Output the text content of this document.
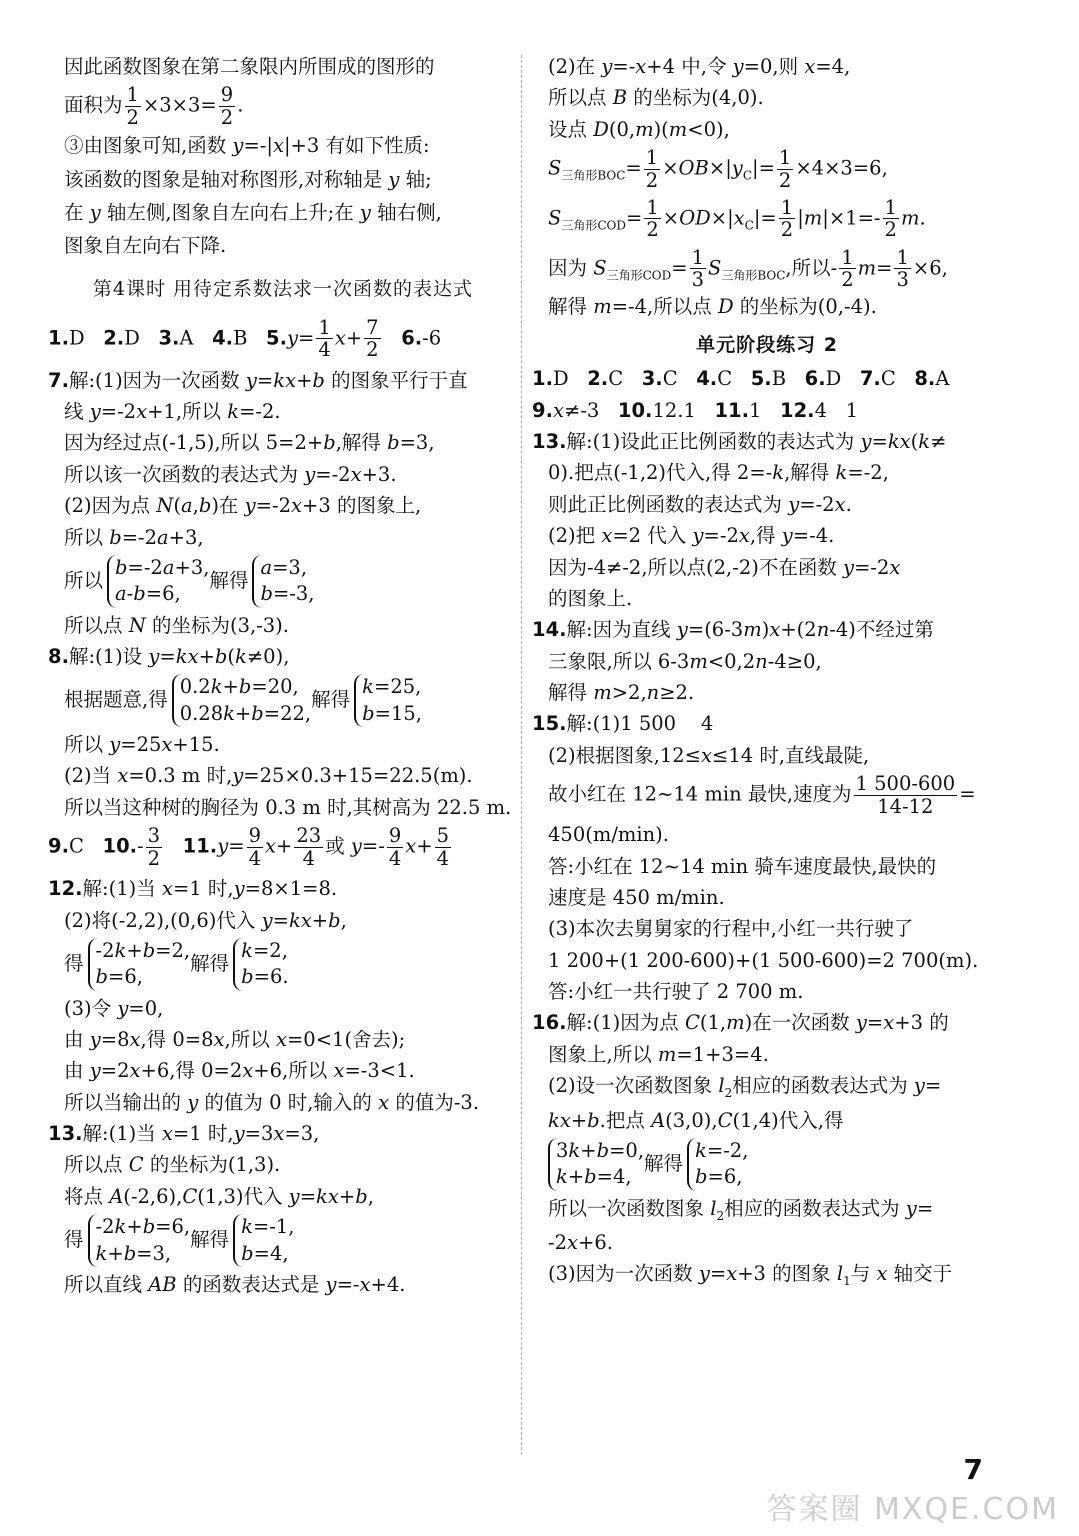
因此函数图象在第二象限内所围成的图形的
面积为 $\frac{1}{2} \times 3\times 3= \frac{9}{2}$ .
③由图象可知,函数 y=-|x|+3 有如下性质:
该函数的图象是轴对称图形,对称轴是 y 轴;
在 y 轴左侧,图象自左向右上升;在 y 轴右侧,
图象自左向右下降.
第4课时 用待定系数法求一次函数的表达式
1.D   2.D   3.A   4.B   $5.y= \frac{1}{4} x+ \frac{7}{2} 6.-6$
7.解:(1)因为一次函数 y=kx+b 的图象平行于直
线 y=-2x+1,所以 k=-2.
因为经过点(-1,5),所以 5=2+b,解得 b=3,
所以该一次函数的表达式为 y=-2x+3.
(2)因为点 N(a,b)在 y=-2x+3 的图象上,
所以 b=-2a+3,
所以
b=-2a+3,
a-b=6,
解得
a=3,
b=-3,
所以点 N 的坐标为(3,-3).
8.解:(1)设 y=kx+b(k≠0),
根据题意,得
0.2k+b=20,
0.28k+b=22,
解得
k=25,
b=15,
所以 y=25x+15.
(2)当 x=0.3 m 时,y=25×0.3+15=22.5(m).
所以当这种树的胸径为 0.3 m 时,其树高为 22.5 m.
9.C   $10.- \frac{3}{2} 11.y= \frac{9}{4} x+ \frac{23}{4}$ 或 $y=- \frac{9}{4} x+ \frac{5}{4}$
12.解:(1)当 x=1 时,y=8×1=8.
(2)将(-2,2),(0,6)代入 y=kx+b,
得
-2k+b=2,
b=6,
解得
k=2,
b=6.
(3)令 y=0,
由 y=8x,得 0=8x,所以 x=0<1(舍去);
由 y=2x+6,得 0=2x+6,所以 x=-3<1.
所以当输出的 y 的值为 0 时,输入的 x 的值为-3.
13.解:(1)当 x=1 时,y=3x=3,
所以点 C 的坐标为(1,3).
将点 A(-2,6),C(1,3)代入 y=kx+b,
得
-2k+b=6,
k+b=3,
解得
k=-1,
b=4,
所以直线 AB 的函数表达式是 y=-x+4.
(2)在 y=-x+4 中,令 y=0,则 x=4,
所以点 B 的坐标为(4,0).
设点 D(0,m)(m<0),
$S_{三角形BOC}= \frac{1}{2} \times OB\times|y_C|= \frac{1}{2} \times 4\times 3=6$,
$S_{三角形COD}= \frac{1}{2} \times OD\times|x_C|= \frac{1}{2} |m|\times 1=- \frac{1}{2} m$.
因为 $S_{三角形COD}= \frac{1}{3} S_{三角形BOC}$,所以- $\frac{1}{2} m= \frac{1}{3} \times 6$,
解得 m=-4,所以点 D 的坐标为(0,-4).
单元阶段练习 2
1.D   2.C   3.C   4.C   5.B   6.D   7.C   8.A
9.x≠-3   10.12.1   11.1   12.4   1
13.解:(1)设此正比例函数的表达式为 y=kx(k≠
0).把点(-1,2)代入,得 2=-k,解得 k=-2,
则此正比例函数的表达式为 y=-2x.
(2)把 x=2 代入 y=-2x,得 y=-4.
因为-4≠-2,所以点(2,-2)不在函数 y=-2x
的图象上.
14.解:因为直线 y=(6-3m)x+(2n-4)不经过第
三象限,所以 6-3m<0,2n-4≥0,
解得 m>2,n≥2.
15.解:(1)1 500    4
(2)根据图象,12≤x≤14 时,直线最陡,
故小红在 12~14 min 最快,速度为 $\frac{1 500-600}{14-12}$ =
450(m/min).
答:小红在 12~14 min 骑车速度最快,最快的
速度是 450 m/min.
(3)本次去舅舅家的行程中,小红一共行驶了
1 200+(1 200-600)+(1 500-600)=2 700(m).
答:小红一共行驶了 2 700 m.
16.解:(1)因为点 C(1,m)在一次函数 y=x+3 的
图象上,所以 m=1+3=4.
(2)设一次函数图象 $l_2$相应的函数表达式为 y=
kx+b.把点 A(3,0),C(1,4)代入,得
3k+b=0,
k+b=4,
解得
k=-2,
b=6,
所以一次函数图象 $l_2$相应的函数表达式为 y=
-2x+6.
(3)因为一次函数 y=x+3 的图象 $l_1$与 x 轴交于
7
答案圈 MXQE.COM
